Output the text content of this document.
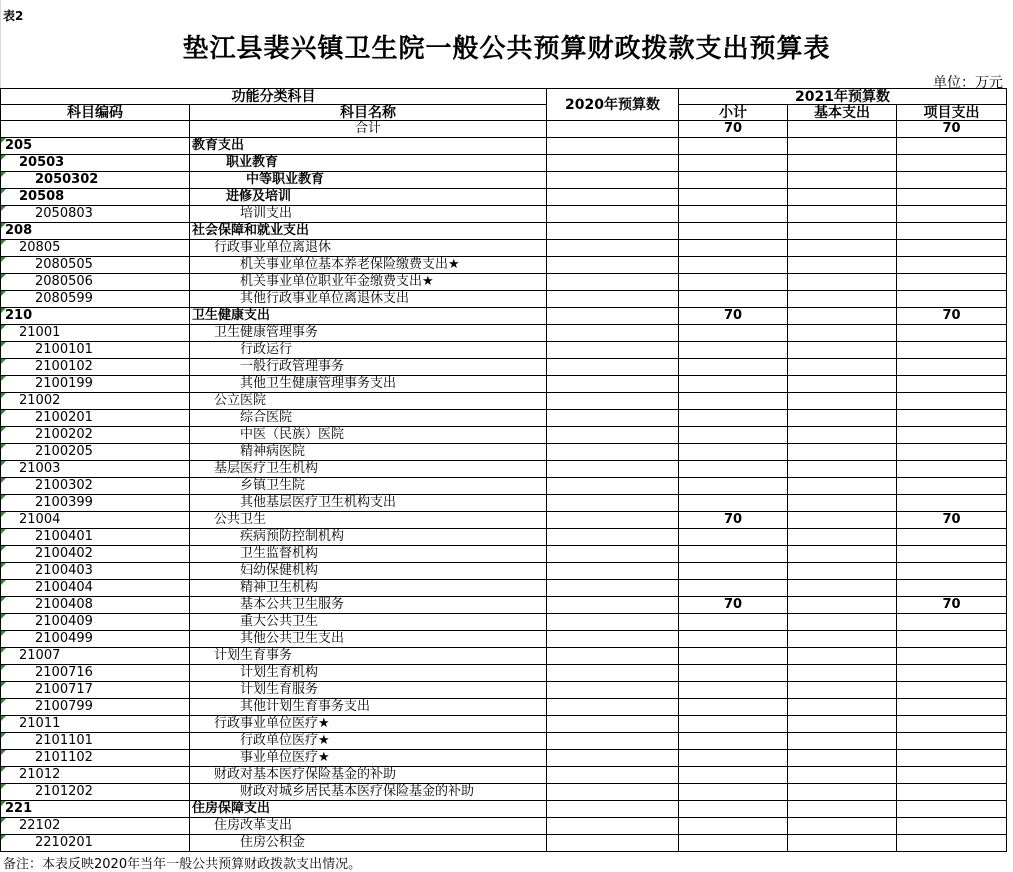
表2
垫江县裴兴镇卫生院一般公共预算财政拨款支出预算表
单位：万元
功能分类科目		2020年预算数	2021年预算数		
科目编码	科目名称		小计	基本支出	项目支出
	合计		70		70
205	教育支出				
20503	职业教育				
2050302	中等职业教育				
20508	进修及培训				
2050803	培训支出				
208	社会保障和就业支出				
20805	行政事业单位离退休				
2080505	机关事业单位基本养老保险缴费支出★				
2080506	机关事业单位职业年金缴费支出★				
2080599	其他行政事业单位离退休支出				
210	卫生健康支出		70		70
21001	卫生健康管理事务				
2100101	行政运行				
2100102	一般行政管理事务				
2100199	其他卫生健康管理事务支出				
21002	公立医院				
2100201	综合医院				
2100202	中医（民族）医院				
2100205	精神病医院				
21003	基层医疗卫生机构				
2100302	乡镇卫生院				
2100399	其他基层医疗卫生机构支出				
21004	公共卫生		70		70
2100401	疾病预防控制机构				
2100402	卫生监督机构				
2100403	妇幼保健机构				
2100404	精神卫生机构				
2100408	基本公共卫生服务		70		70
2100409	重大公共卫生				
2100499	其他公共卫生支出				
21007	计划生育事务				
2100716	计划生育机构				
2100717	计划生育服务				
2100799	其他计划生育事务支出				
21011	行政事业单位医疗★				
2101101	行政单位医疗★				
2101102	事业单位医疗★				
21012	财政对基本医疗保险基金的补助				
2101202	财政对城乡居民基本医疗保险基金的补助				
221	住房保障支出				
22102	住房改革支出				
2210201	住房公积金				
备注：本表反映2020年当年一般公共预算财政拨款支出情况。
